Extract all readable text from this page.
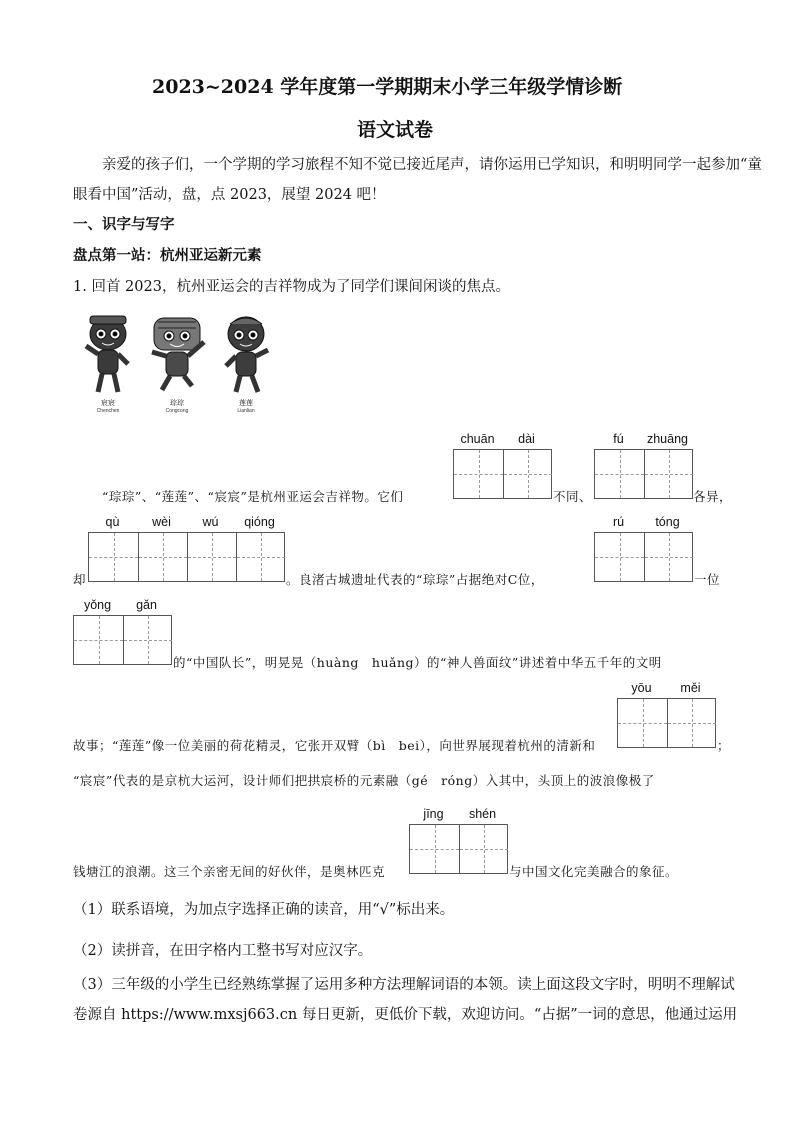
2023~2024 学年度第一学期期末小学三年级学情诊断
语文试卷
亲爱的孩子们，一个学期的学习旅程不知不觉已接近尾声，请你运用已学知识，和明明同学一起参加“童
眼看中国”活动，盘，点 2023，展望 2024 吧！
一、识字与写字
盘点第一站：杭州亚运新元素
1. 回首 2023，杭州亚运会的吉祥物成为了同学们课间闲谈的焦点。
宸宸
Chenchen
琮琮
Congcong
莲莲
Lianlian
chuān	dài	fú	zhuāng
“琮琮”、“莲莲”、“宸宸”是杭州亚运会吉祥物。它们	不同、	各异，
qù	wèi	wú	qióng	rú	tóng
却	。良渚古城遗址代表的“琮琮”占据绝对C位，	一位
yǒng	gǎn
的“中国队长”，明晃晃（huàng　huǎng）的“神人兽面纹”讲述着中华五千年的文明
yōu	měi
故事；“莲莲”像一位美丽的荷花精灵，它张开双臂（bì　bei），向世界展现着杭州的清新和	；
“宸宸”代表的是京杭大运河，设计师们把拱宸桥的元素融（gé　róng）入其中，头顶上的波浪像极了
jīng	shén
钱塘江的浪潮。这三个亲密无间的好伙伴，是奥林匹克	与中国文化完美融合的象征。
（1）联系语境，为加点字选择正确的读音，用“√”标出来。
（2）读拼音，在田字格内工整书写对应汉字。
（3）三年级的小学生已经熟练掌握了运用多种方法理解词语的本领。读上面这段文字时，明明不理解试
卷源自 https://www.mxsj663.cn 每日更新，更低价下载，欢迎访问。“占据”一词的意思，他通过运用
